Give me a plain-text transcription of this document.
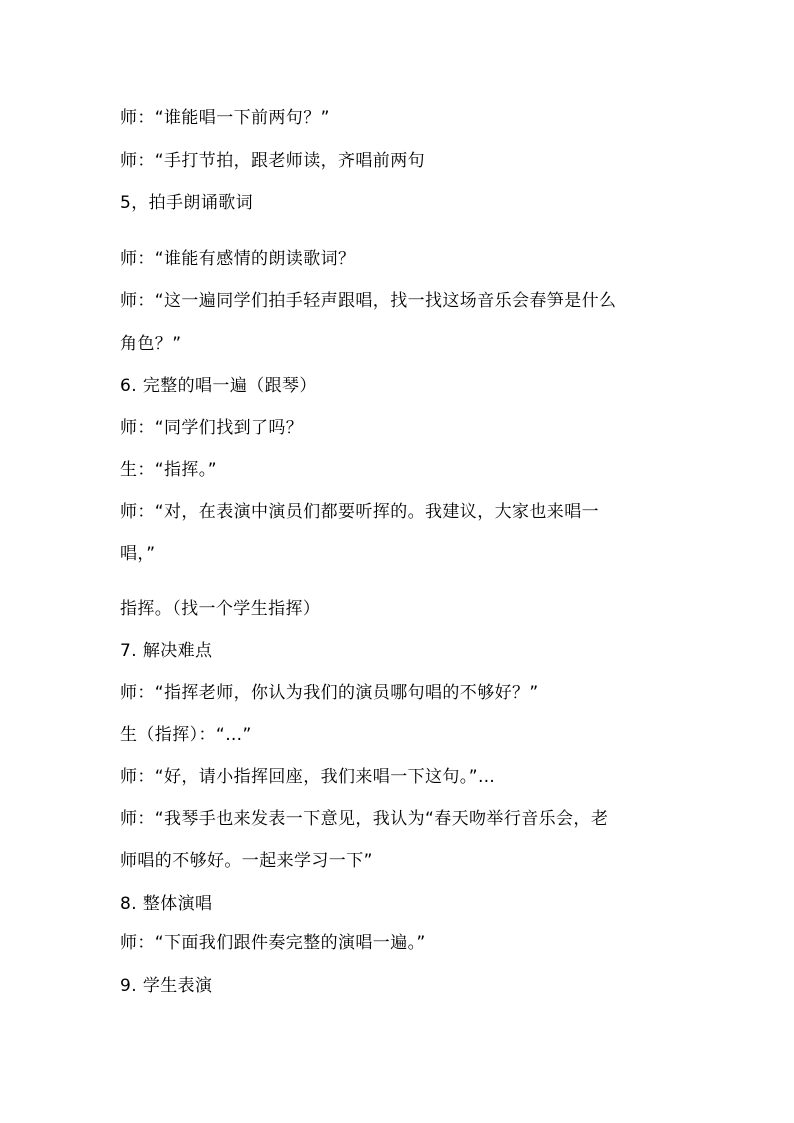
师：“谁能唱一下前两句？”
师：“手打节拍，跟老师读，齐唱前两句
5，拍手朗诵歌词
师：“谁能有感情的朗读歌词？
师：“这一遍同学们拍手轻声跟唱，找一找这场音乐会春笋是什么
角色？”
6. 完整的唱一遍（跟琴）
师：“同学们找到了吗？
生：“指挥。”
师：“对，在表演中演员们都要听挥的。我建议，大家也来唱一
唱，”
指挥。（找一个学生指挥）
7. 解决难点
师：“指挥老师，你认为我们的演员哪句唱的不够好？”
生（指挥）：“…”
师：“好，请小指挥回座，我们来唱一下这句。”…
师：“我琴手也来发表一下意见，我认为“春天吻举行音乐会，老
师唱的不够好。一起来学习一下”
8. 整体演唱
师：“下面我们跟件奏完整的演唱一遍。”
9. 学生表演
